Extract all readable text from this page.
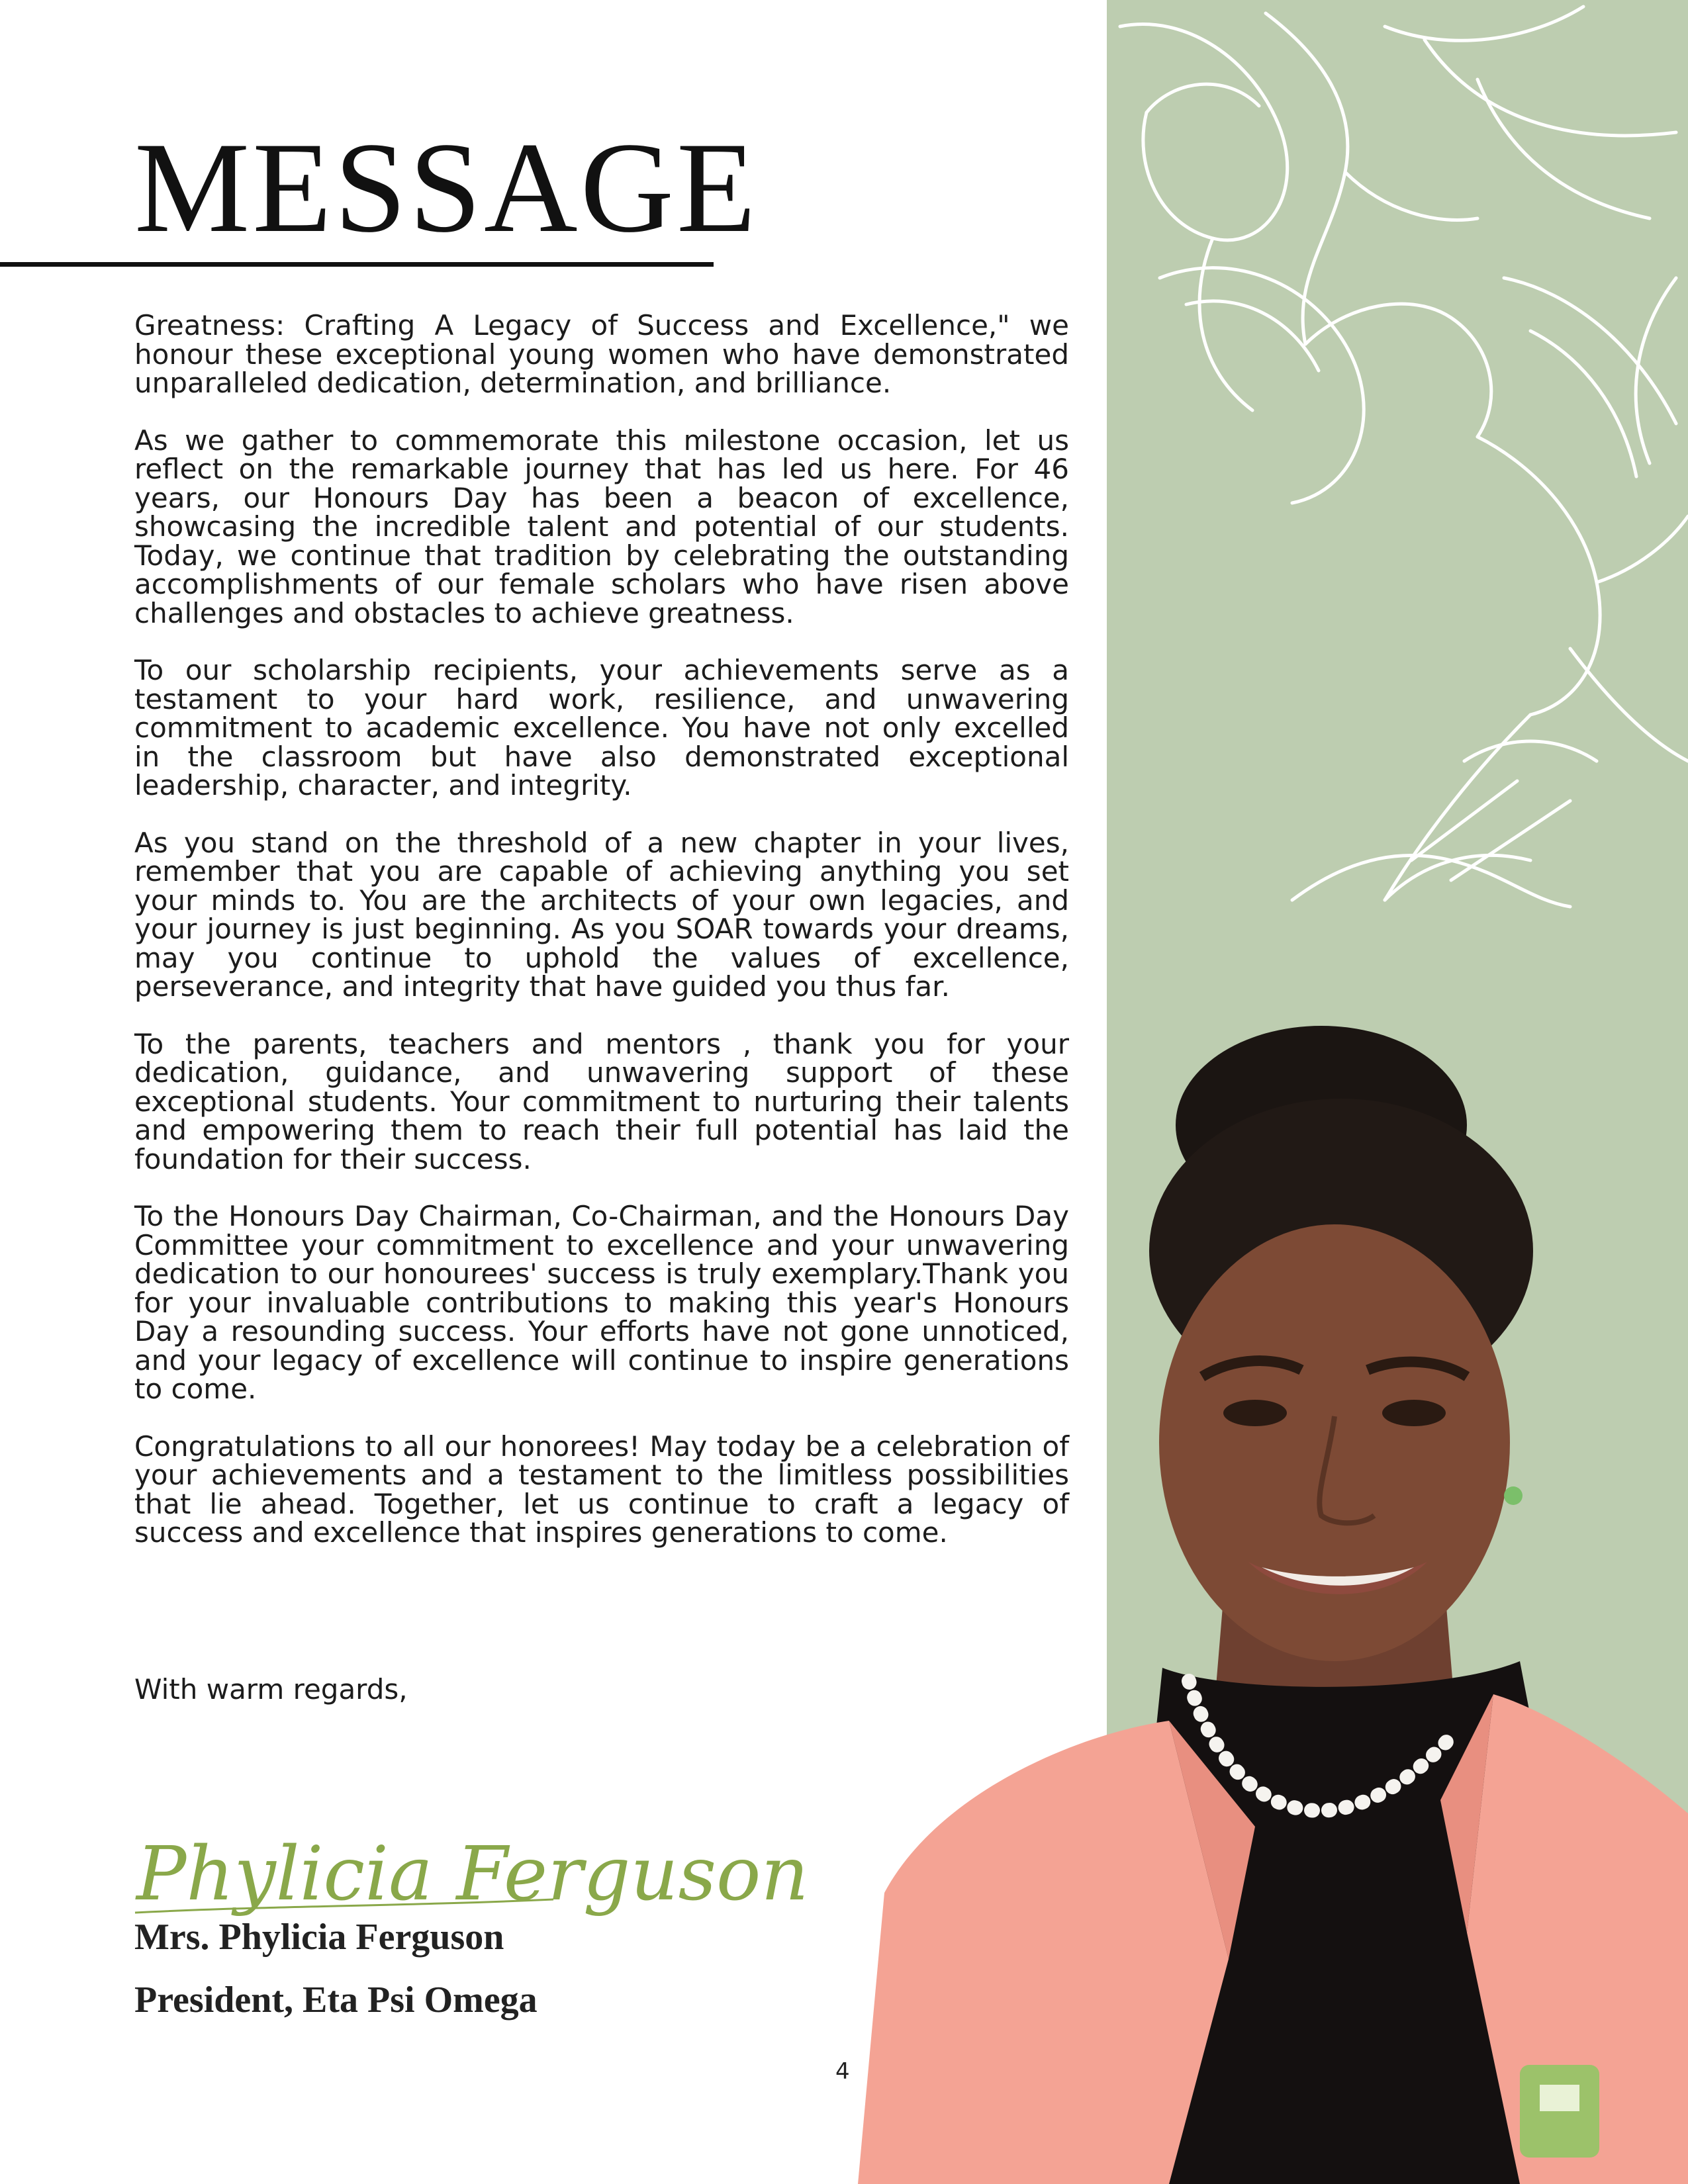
MESSAGE

Greatness: Crafting A Legacy of Success and Excellence," we honour these exceptional young women who have demonstrated unparalleled dedication, determination, and brilliance.

As we gather to commemorate this milestone occasion, let us reflect on the remarkable journey that has led us here. For 46 years, our Honours Day has been a beacon of excellence, showcasing the incredible talent and potential of our students. Today, we continue that tradition by celebrating the outstanding accomplishments of our female scholars who have risen above challenges and obstacles to achieve greatness.

To our scholarship recipients, your achievements serve as a testament to your hard work, resilience, and unwavering commitment to academic excellence. You have not only excelled in the classroom but have also demonstrated exceptional leadership, character, and integrity.

As you stand on the threshold of a new chapter in your lives, remember that you are capable of achieving anything you set your minds to. You are the architects of your own legacies, and your journey is just beginning. As you SOAR towards your dreams, may you continue to uphold the values of excellence, perseverance, and integrity that have guided you thus far.

To the parents, teachers and mentors , thank you for your dedication, guidance, and unwavering support of these exceptional students. Your commitment to nurturing their talents and empowering them to reach their full potential has laid the foundation for their success.

To the Honours Day Chairman, Co-Chairman, and the Honours Day Committee your commitment to excellence and your unwavering dedication to our honourees' success is truly exemplary.Thank you for your invaluable contributions to making this year's Honours Day a resounding success. Your efforts have not gone unnoticed, and your legacy of excellence will continue to inspire generations to come.

Congratulations to all our honorees! May today be a celebration of your achievements and a testament to the limitless possibilities that lie ahead. Together, let us continue to craft a legacy of success and excellence that inspires generations to come.

With warm regards,
Phylicia Ferguson
Mrs. Phylicia Ferguson
President, Eta Psi Omega
4
